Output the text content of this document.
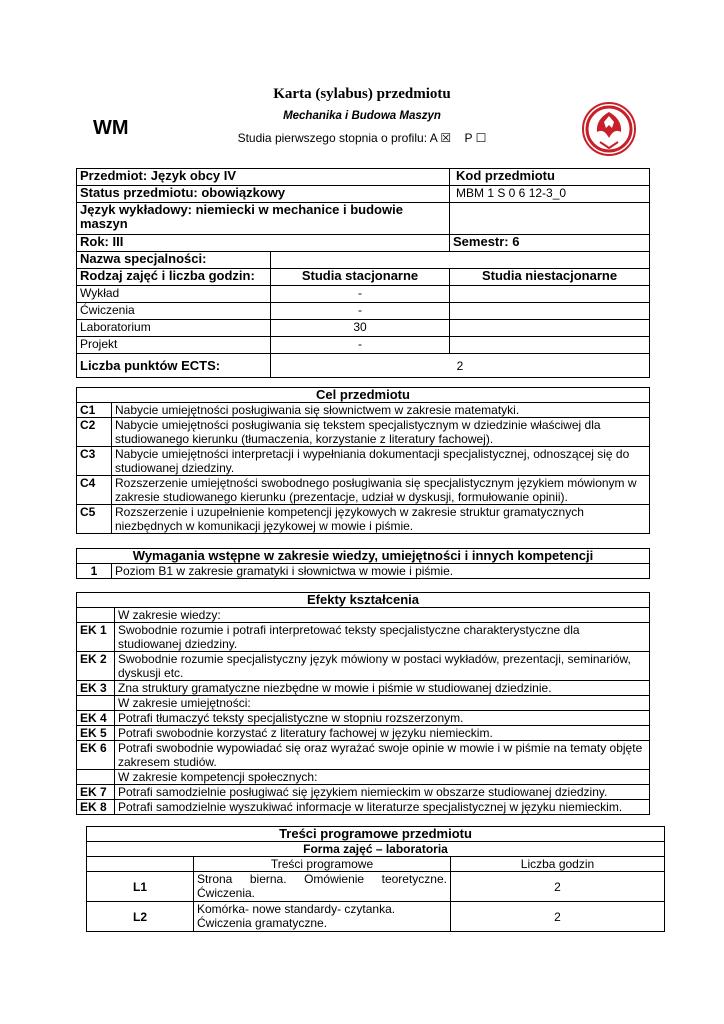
WM
Karta (sylabus) przedmiotu
Mechanika i Budowa Maszyn
Studia pierwszego stopnia o profilu: A ☒ P ☐
Przedmiot: Język obcy IV		Kod przedmiotu
Status przedmiotu: obowiązkowy		MBM 1 S 0 6 12-3_0
Język wykładowy: niemiecki w mechanice i budowie maszyn		
Rok: III		Semestr: 6
Nazwa specjalności:		
Rodzaj zajęć i liczba godzin:	Studia stacjonarne	Studia niestacjonarne
Wykład	-	
Ćwiczenia	-	
Laboratorium	30	
Projekt	-	
Liczba punktów ECTS:	2	
Cel przedmiotu	
C1	Nabycie umiejętności posługiwania się słownictwem w zakresie matematyki.
C2	Nabycie umiejętności posługiwania się tekstem specjalistycznym w dziedzinie właściwej dla studiowanego kierunku (tłumaczenia, korzystanie z literatury fachowej).
C3	Nabycie umiejętności interpretacji i wypełniania dokumentacji specjalistycznej, odnoszącej się do studiowanej dziedziny.
C4	Rozszerzenie umiejętności swobodnego posługiwania się specjalistycznym językiem mówionym w zakresie studiowanego kierunku (prezentacje, udział w dyskusji, formułowanie opinii).
C5	Rozszerzenie i uzupełnienie kompetencji językowych w zakresie struktur gramatycznych niezbędnych w komunikacji językowej w mowie i piśmie.
Wymagania wstępne w zakresie wiedzy, umiejętności i innych kompetencji
1	Poziom B1 w zakresie gramatyki i słownictwa w mowie i piśmie.
Efekty kształcenia	
	W zakresie wiedzy:
EK 1	Swobodnie rozumie i potrafi interpretować teksty specjalistyczne charakterystyczne dla studiowanej dziedziny.
EK 2	Swobodnie rozumie specjalistyczny język mówiony w postaci wykładów, prezentacji, seminariów, dyskusji etc.
EK 3	Zna struktury gramatyczne niezbędne w mowie i piśmie w studiowanej dziedzinie.
	W zakresie umiejętności:
EK 4	Potrafi tłumaczyć teksty specjalistyczne w stopniu rozszerzonym.
EK 5	Potrafi swobodnie korzystać z literatury fachowej w języku niemieckim.
EK 6	Potrafi swobodnie wypowiadać się oraz wyrażać swoje opinie w mowie i w piśmie na tematy objęte zakresem studiów.
	W zakresie kompetencji społecznych:
EK 7	Potrafi samodzielnie posługiwać się językiem niemieckim w obszarze studiowanej dziedziny.
EK 8	Potrafi samodzielnie wyszukiwać informacje w literaturze specjalistycznej w języku niemieckim.
Treści programowe przedmiotu		
Forma zajęć – laboratoria		
	Treści programowe	Liczba godzin
L1	Strona bierna. Omówienie teoretyczne. Ćwiczenia.	2
L2	Komórka- nowe standardy- czytanka. Ćwiczenia gramatyczne.	2
